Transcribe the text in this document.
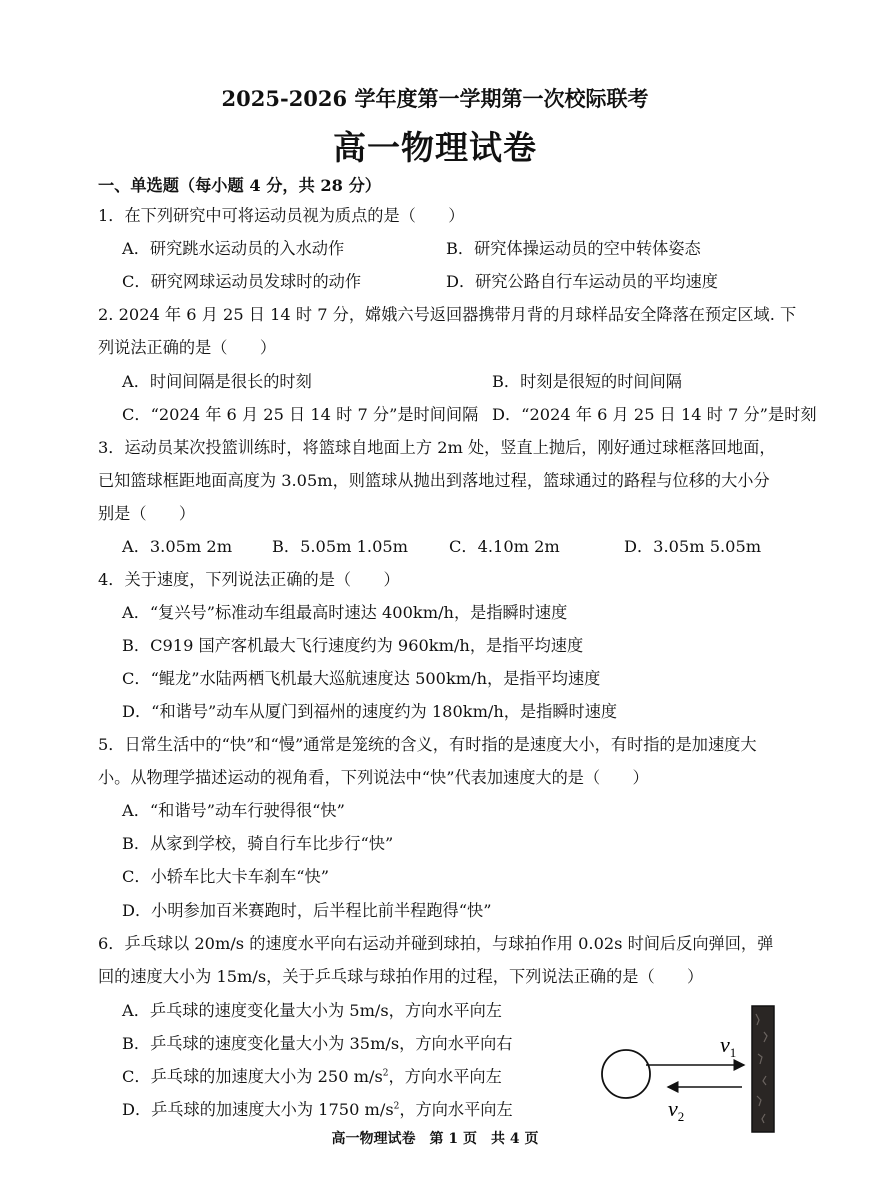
2025-2026 学年度第一学期第一次校际联考
高一物理试卷
一、单选题（每小题 4 分，共 28 分）
1．在下列研究中可将运动员视为质点的是（　　）
A．研究跳水运动员的入水动作	B．研究体操运动员的空中转体姿态
C．研究网球运动员发球时的动作	D．研究公路自行车运动员的平均速度
2. 2024 年 6 月 25 日 14 时 7 分，嫦娥六号返回器携带月背的月球样品安全降落在预定区域. 下
列说法正确的是（　　）
A．时间间隔是很长的时刻	B．时刻是很短的时间间隔
C．“2024 年 6 月 25 日 14 时 7 分”是时间间隔 D．“2024 年 6 月 25 日 14 时 7 分”是时刻
3．运动员某次投篮训练时，将篮球自地面上方 2m 处，竖直上抛后，刚好通过球框落回地面，
已知篮球框距地面高度为 3.05m，则篮球从抛出到落地过程，篮球通过的路程与位移的大小分
别是（　　）
A．3.05m 2m B．5.05m 1.05m	C．4.10m 2m	D．3.05m 5.05m
4．关于速度，下列说法正确的是（　　）
A．“复兴号”标准动车组最高时速达 400km/h，是指瞬时速度
B．C919 国产客机最大飞行速度约为 960km/h，是指平均速度
C．“鲲龙”水陆两栖飞机最大巡航速度达 500km/h，是指平均速度
D．“和谐号”动车从厦门到福州的速度约为 180km/h，是指瞬时速度
5．日常生活中的“快”和“慢”通常是笼统的含义，有时指的是速度大小，有时指的是加速度大
小。从物理学描述运动的视角看，下列说法中“快”代表加速度大的是（　　）
A．“和谐号”动车行驶得很“快”
B．从家到学校，骑自行车比步行“快”
C．小轿车比大卡车刹车“快”
D．小明参加百米赛跑时，后半程比前半程跑得“快”
6．乒乓球以 20m/s 的速度水平向右运动并碰到球拍，与球拍作用 0.02s 时间后反向弹回，弹
回的速度大小为 15m/s，关于乒乓球与球拍作用的过程，下列说法正确的是（　　）
A．乒乓球的速度变化量大小为 5m/s，方向水平向左
B．乒乓球的速度变化量大小为 35m/s，方向水平向右
C．乒乓球的加速度大小为 250 $m/s^2$，方向水平向左
D．乒乓球的加速度大小为 1750 $m/s^2$，方向水平向左
$v_1$
$v_2$
高一物理试卷　第 1 页　共 4 页
